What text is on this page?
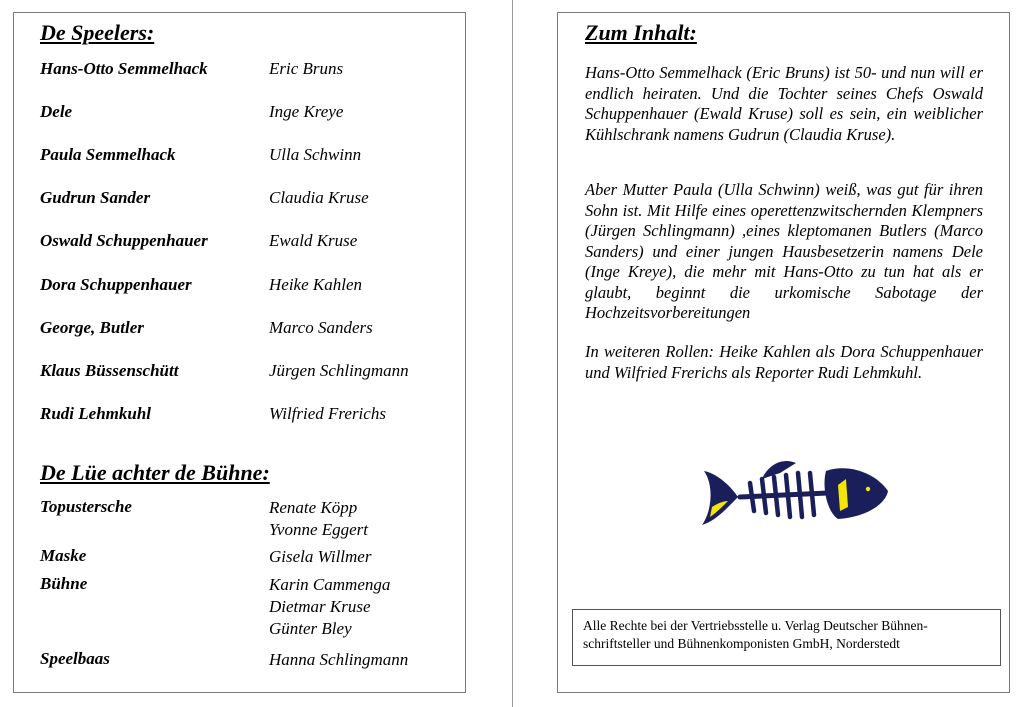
De Speelers:
Hans-Otto Semmelhack	Eric Bruns
Dele	Inge Kreye
Paula Semmelhack	Ulla Schwinn
Gudrun Sander	Claudia Kruse
Oswald Schuppenhauer	Ewald Kruse
Dora Schuppenhauer	Heike Kahlen
George, Butler	Marco Sanders
Klaus Büssenschütt	Jürgen Schlingmann
Rudi Lehmkuhl	Wilfried Frerichs
De Lüe achter de Bühne:
Topustersche	Renate Köpp
Yvonne Eggert
Maske	Gisela Willmer
Bühne	Karin Cammenga
Dietmar Kruse
Günter Bley
Speelbaas	Hanna Schlingmann
Zum Inhalt:

Hans-Otto Semmelhack (Eric Bruns) ist 50- und nun will er endlich heiraten. Und die Tochter seines Chefs Oswald Schuppenhauer (Ewald Kruse) soll es sein, ein weiblicher Kühlschrank namens Gudrun (Claudia Kruse).

Aber Mutter Paula (Ulla Schwinn) weiß, was gut für ihren Sohn ist. Mit Hilfe eines operettenzwitschernden Klempners (Jürgen Schlingmann) ,eines kleptomanen Butlers (Marco Sanders) und einer jungen Hausbesetzerin namens Dele (Inge Kreye), die mehr mit Hans-Otto zu tun hat als er glaubt, beginnt die urkomische Sabotage der Hochzeitsvorbereitungen

In weiteren Rollen: Heike Kahlen als Dora Schuppenhauer und Wilfried Frerichs als Reporter Rudi Lehmkuhl.

Alle Rechte bei der Vertriebsstelle u. Verlag Deutscher Bühnen-
schriftsteller und Bühnenkomponisten GmbH, Norderstedt
